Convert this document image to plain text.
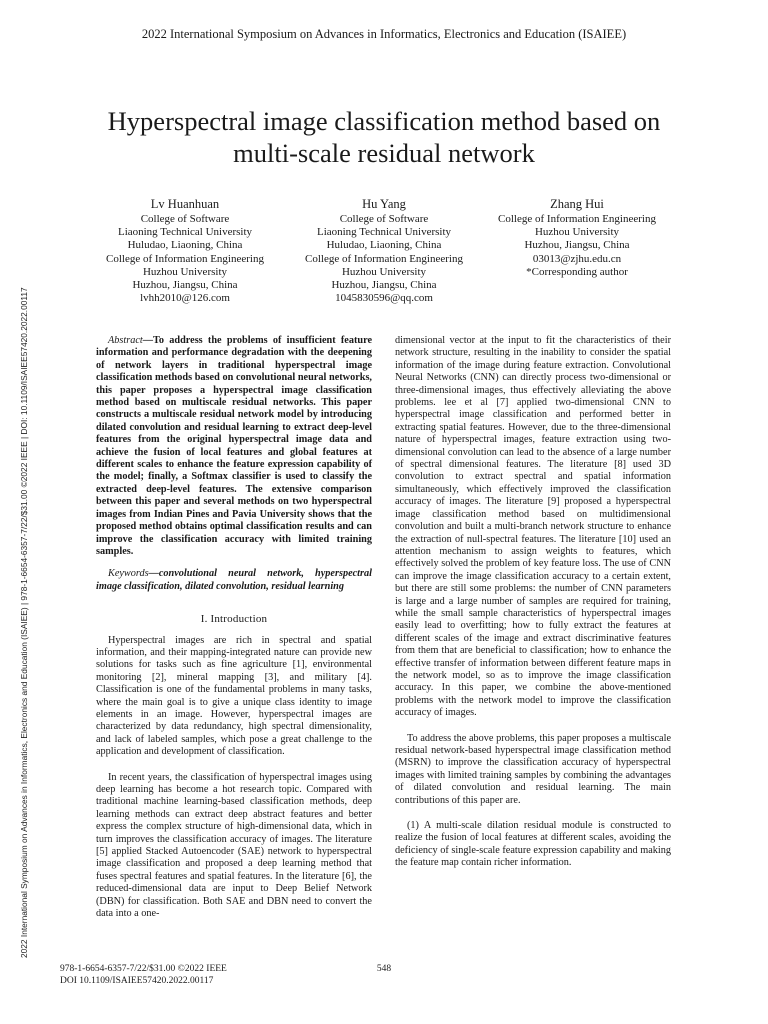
2022 International Symposium on Advances in Informatics, Electronics and Education (ISAIEE)
Hyperspectral image classification method based on
multi-scale residual network
2022 International Symposium on Advances in Informatics, Electronics and Education (ISAIEE) | 978-1-6654-6357-7/22/$31.00 ©2022 IEEE | DOI: 10.1109/ISAIEE57420.2022.00117
Lv Huanhuan
College of Software
Liaoning Technical University
Huludao, Liaoning, China
College of Information Engineering
Huzhou University
Huzhou, Jiangsu, China
lvhh2010@126.com
Hu Yang
College of Software
Liaoning Technical University
Huludao, Liaoning, China
College of Information Engineering
Huzhou University
Huzhou, Jiangsu, China
1045830596@qq.com
Zhang Hui
College of Information Engineering
Huzhou University
Huzhou, Jiangsu, China
03013@zjhu.edu.cn
*Corresponding author

Abstract—To address the problems of insufficient feature information and performance degradation with the deepening of network layers in traditional hyperspectral image classification methods based on convolutional neural networks, this paper proposes a hyperspectral image classification method based on multiscale residual networks. This paper constructs a multiscale residual network model by introducing dilated convolution and residual learning to extract deep-level features from the original hyperspectral image data and achieve the fusion of local features and global features at different scales to enhance the feature expression capability of the model; finally, a Softmax classifier is used to classify the extracted deep-level features. The extensive comparison between this paper and several methods on two hyperspectral images from Indian Pines and Pavia University shows that the proposed method obtains optimal classification results and can improve the classification accuracy with limited training samples.

Keywords—convolutional neural network, hyperspectral image classification, dilated convolution, residual learning

I. Introduction

Hyperspectral images are rich in spectral and spatial information, and their mapping-integrated nature can provide new solutions for tasks such as fine agriculture [1], environmental monitoring [2], mineral mapping [3], and military [4]. Classification is one of the fundamental problems in many tasks, where the main goal is to give a unique class identity to image elements in an image. However, hyperspectral images are characterized by data redundancy, high spectral dimensionality, and lack of labeled samples, which pose a great challenge to the application and development of classification.

In recent years, the classification of hyperspectral images using deep learning has become a hot research topic. Compared with traditional machine learning-based classification methods, deep learning methods can extract deep abstract features and better express the complex structure of high-dimensional data, which in turn improves the classification accuracy of images. The literature [5] applied Stacked Autoencoder (SAE) network to hyperspectral image classification and proposed a deep learning method that fuses spectral features and spatial features. In the literature [6], the reduced-dimensional data are input to Deep Belief Network (DBN) for classification. Both SAE and DBN need to convert the data into a one-

dimensional vector at the input to fit the characteristics of their network structure, resulting in the inability to consider the spatial information of the image during feature extraction. Convolutional Neural Networks (CNN) can directly process two-dimensional or three-dimensional images, thus effectively alleviating the above problems. lee et al [7] applied two-dimensional CNN to hyperspectral image classification and performed better in extracting spatial features. However, due to the three-dimensional nature of hyperspectral images, feature extraction using two-dimensional convolution can lead to the absence of a large number of spectral dimensional features. The literature [8] used 3D convolution to extract spectral and spatial information simultaneously, which effectively improved the classification accuracy of images. The literature [9] proposed a hyperspectral image classification method based on multidimensional convolution and built a multi-branch network structure to enhance the extraction of null-spectral features. The literature [10] used an attention mechanism to assign weights to features, which effectively solved the problem of key feature loss. The use of CNN can improve the image classification accuracy to a certain extent, but there are still some problems: the number of CNN parameters is large and a large number of samples are required for training, while the small sample characteristics of hyperspectral images easily lead to overfitting; how to fully extract the features at different scales of the image and extract discriminative features from them that are beneficial to classification; how to enhance the effective transfer of information between different feature maps in the network model, so as to improve the image classification accuracy. In this paper, we combine the above-mentioned problems with the network model to improve the classification accuracy of images.

To address the above problems, this paper proposes a multiscale residual network-based hyperspectral image classification method (MSRN) to improve the classification accuracy of hyperspectral images with limited training samples by combining the advantages of dilated convolution and residual learning. The main contributions of this paper are.

(1) A multi-scale dilation residual module is constructed to realize the fusion of local features at different scales, avoiding the deficiency of single-scale feature expression capability and making the feature map contain richer information.

978-1-6654-6357-7/22/$31.00 ©2022 IEEE
DOI 10.1109/ISAIEE57420.2022.00117
548
